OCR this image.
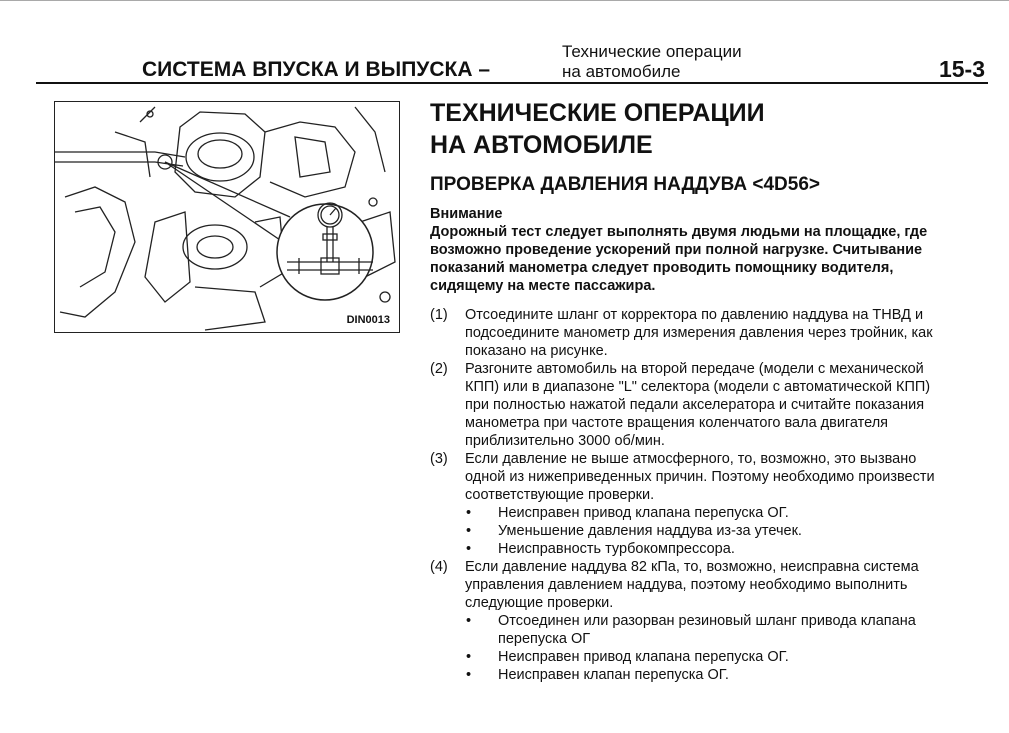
СИСТЕМА ВПУСКА И ВЫПУСКА –
Технические операции
на автомобиле	15-3
DIN0013
ТЕХНИЧЕСКИЕ ОПЕРАЦИИ
НА АВТОМОБИЛЕ
ПРОВЕРКА ДАВЛЕНИЯ НАДДУВА <4D56>
Внимание
Дорожный тест следует выполнять двумя людьми на площадке, где
возможно проведение ускорений при полной нагрузке. Считывание
показаний манометра следует проводить помощнику водителя,
сидящему на месте пассажира.
(1) Отсоедините шланг от корректора по давлению наддува на ТНВД и
подсоедините манометр для измерения давления через тройник, как
показано на рисунке.
(2) Разгоните автомобиль на второй передаче (модели с механической
КПП) или в диапазоне "L" селектора (модели с автоматической КПП)
при полностью нажатой педали акселератора и считайте показания
манометра при частоте вращения коленчатого вала двигателя
приблизительно 3000 об/мин.
(3) Если давление не выше атмосферного, то, возможно, это вызвано
одной из нижеприведенных причин. Поэтому необходимо произвести
соответствующие проверки.
• Неисправен привод клапана перепуска ОГ.
• Уменьшение давления наддува из-за утечек.
• Неисправность турбокомпрессора.
(4) Если давление наддува 82 кПа, то, возможно, неисправна система
управления давлением наддува, поэтому необходимо выполнить
следующие проверки.
• Отсоединен или разорван резиновый шланг привода клапана
перепуска ОГ
• Неисправен привод клапана перепуска ОГ.
• Неисправен клапан перепуска ОГ.
